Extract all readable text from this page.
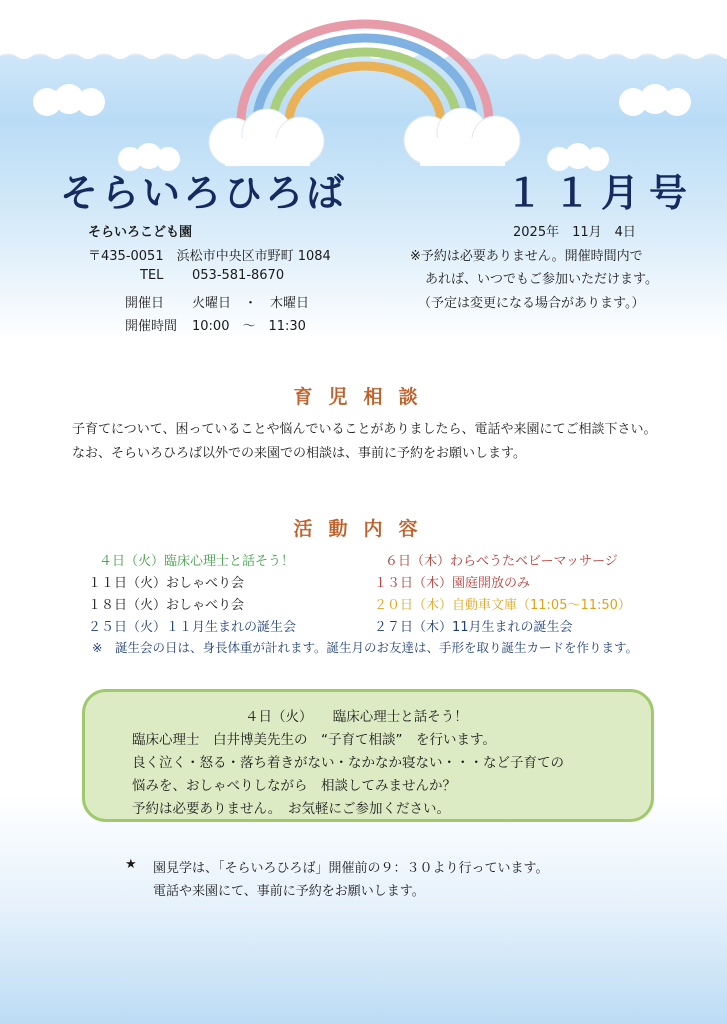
そらいろひろば	１１月号
そらいろこども園
〒435-0051　浜松市中央区市野町 1084
TEL 053-581-8670
開催日 火曜日　・　木曜日
開催時間 10:00　～　11:30
2025年　11月　4日
※予約は必要ありません。開催時間内で
あれば、いつでもご参加いただけます。
（予定は変更になる場合があります。）
育児相談
子育てについて、困っていることや悩んでいることがありましたら、電話や来園にてご相談下さい。
なお、そらいろひろば以外での来園での相談は、事前に予約をお願いします。
活動内容
４日（火）臨床心理士と話そう！
１１日（火）おしゃべり会
１８日（火）おしゃべり会
２５日（火）１１月生まれの誕生会
６日（木）わらべうたベビーマッサージ
１３日（木）園庭開放のみ
２０日（木）自動車文庫（11:05～11:50）
２７日（木）11月生まれの誕生会
※　誕生会の日は、身長体重が計れます。誕生月のお友達は、手形を取り誕生カードを作ります。
４日（火）　　臨床心理士と話そう！
臨床心理士　白井博美先生の　“子育て相談”　を行います。
良く泣く・怒る・落ち着きがない・なかなか寝ない・・・など子育ての
悩みを、おしゃべりしながら　相談してみませんか？
予約は必要ありません。　お気軽にご参加ください。
★ 園見学は、「そらいろひろば」開催前の９：３０より行っています。
電話や来園にて、事前に予約をお願いします。
